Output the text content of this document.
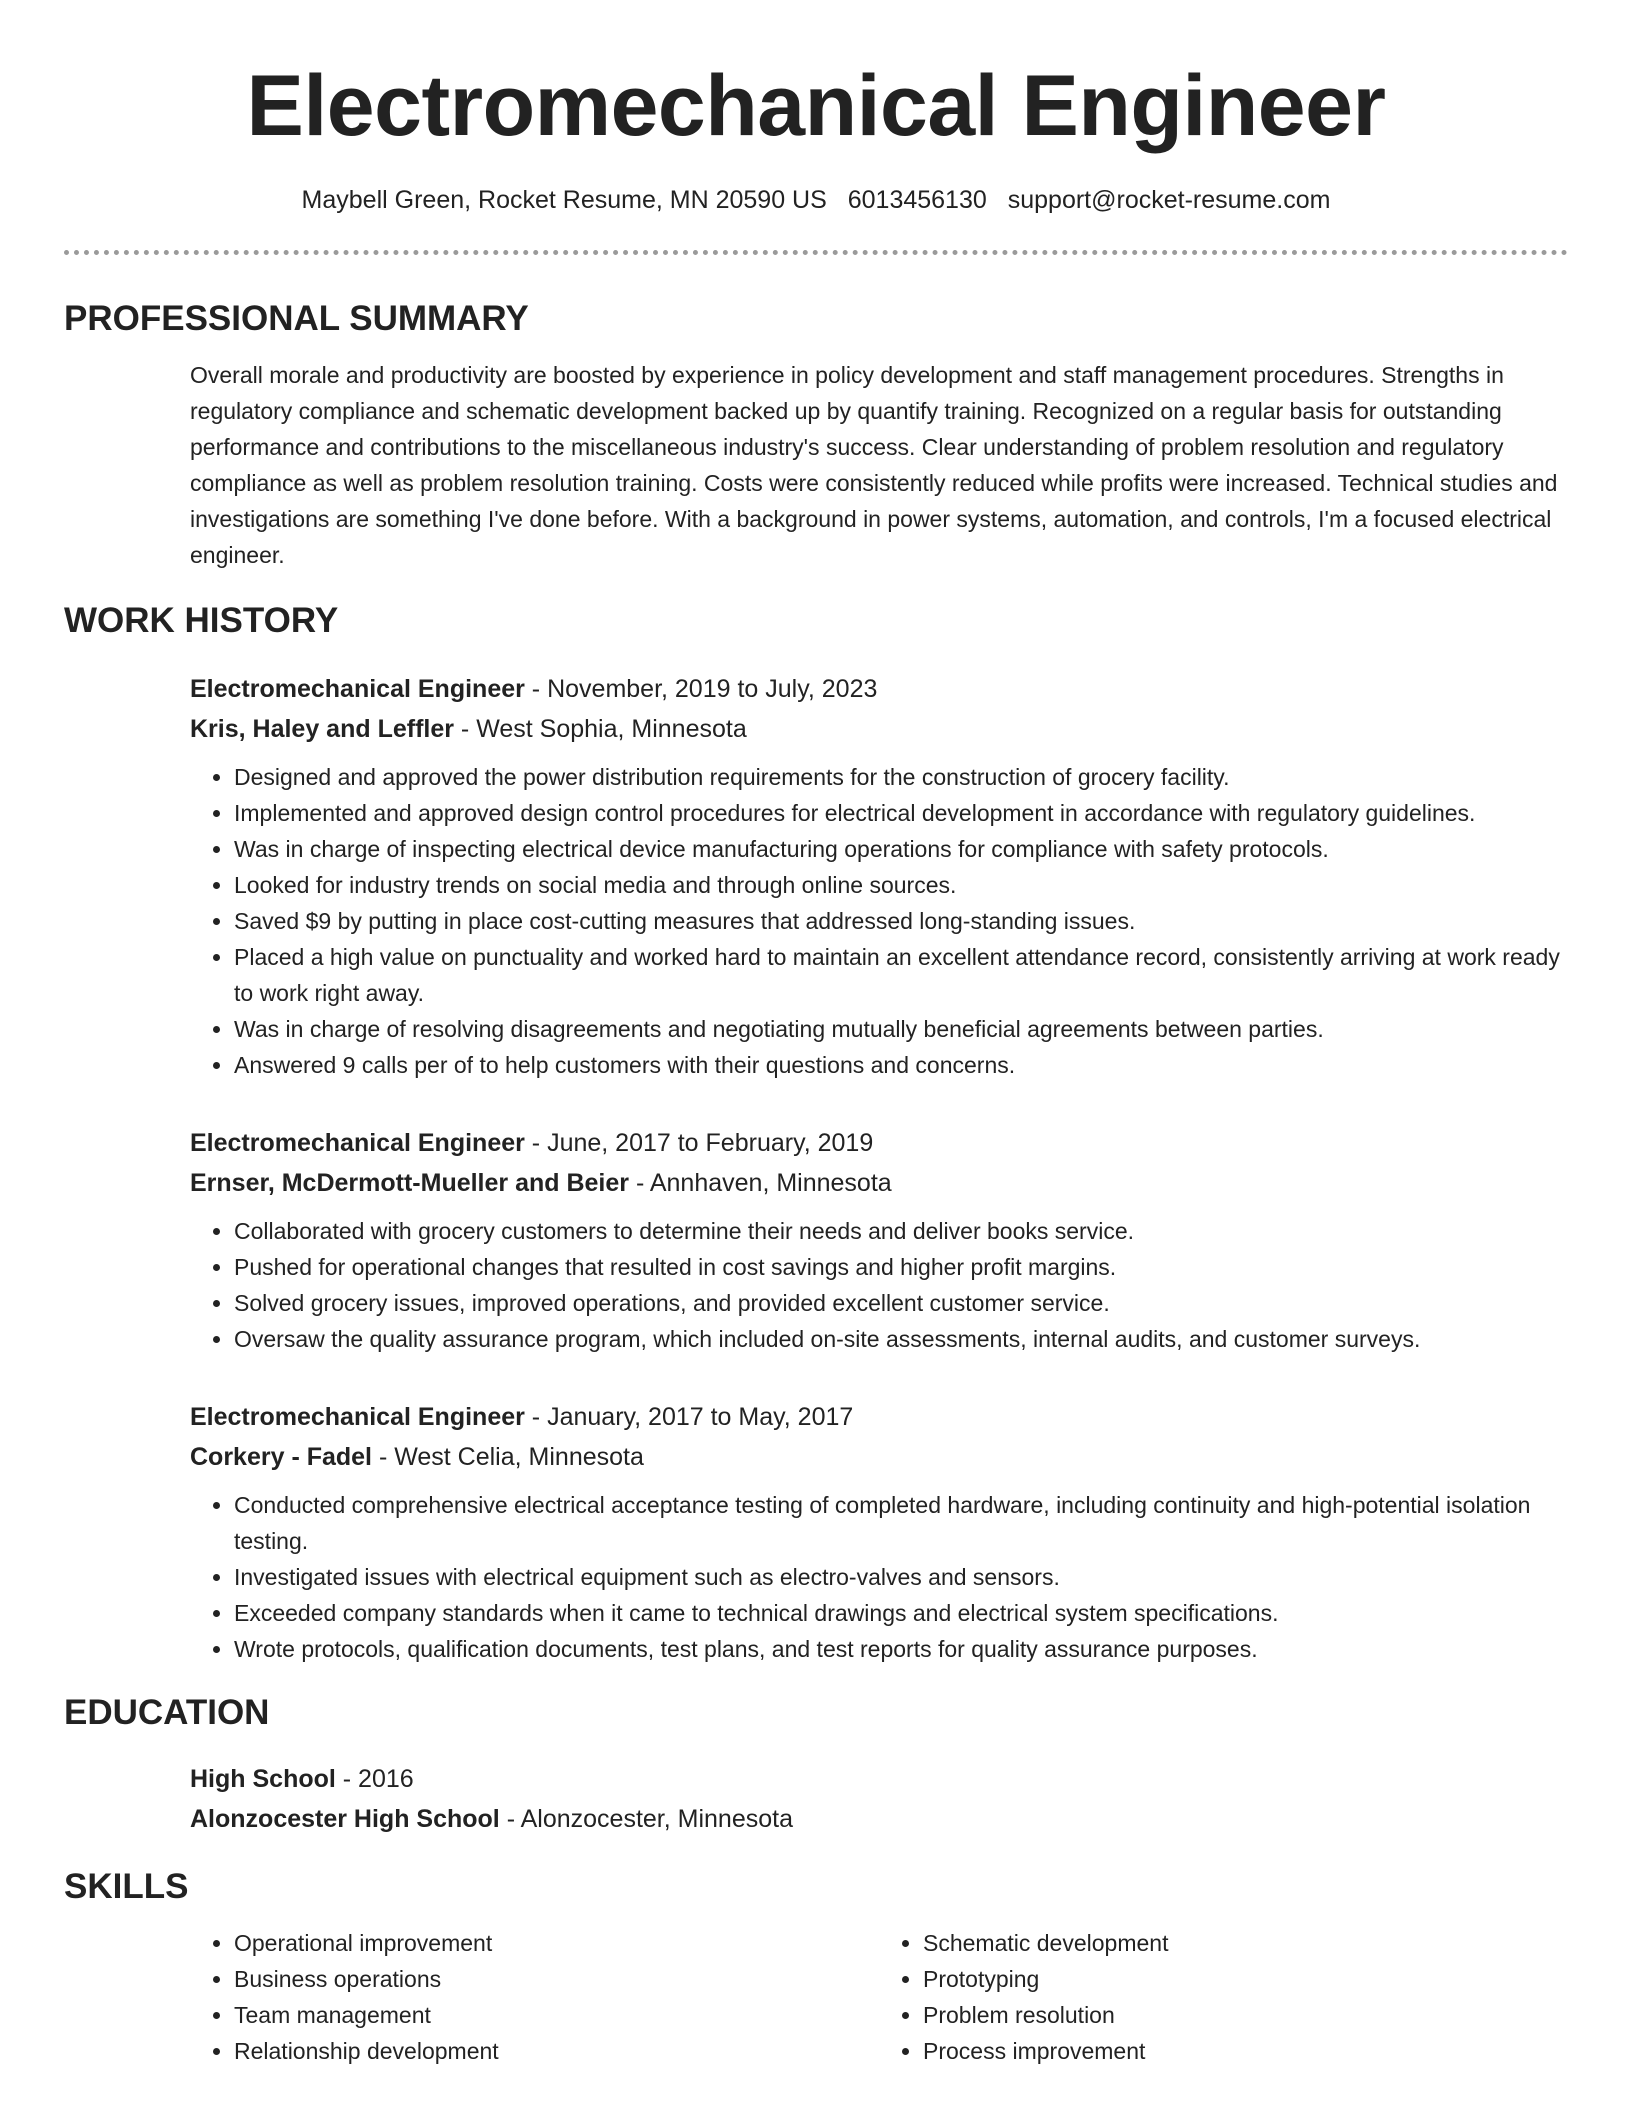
Electromechanical Engineer
Maybell Green, Rocket Resume, MN 20590 US 6013456130 support@rocket-resume.com
PROFESSIONAL SUMMARY

Overall morale and productivity are boosted by experience in policy development and staff management procedures. Strengths in regulatory compliance and schematic development backed up by quantify training. Recognized on a regular basis for outstanding performance and contributions to the miscellaneous industry's success. Clear understanding of problem resolution and regulatory compliance as well as problem resolution training. Costs were consistently reduced while profits were increased. Technical studies and investigations are something I've done before. With a background in power systems, automation, and controls, I'm a focused electrical engineer.

WORK HISTORY
Electromechanical Engineer - November, 2019 to July, 2023
Kris, Haley and Leffler - West Sophia, Minnesota
• Designed and approved the power distribution requirements for the construction of grocery facility.
• Implemented and approved design control procedures for electrical development in accordance with regulatory guidelines.
• Was in charge of inspecting electrical device manufacturing operations for compliance with safety protocols.
• Looked for industry trends on social media and through online sources.
• Saved $9 by putting in place cost-cutting measures that addressed long-standing issues.
• Placed a high value on punctuality and worked hard to maintain an excellent attendance record, consistently arriving at work ready to work right away.
• Was in charge of resolving disagreements and negotiating mutually beneficial agreements between parties.
• Answered 9 calls per of to help customers with their questions and concerns.
Electromechanical Engineer - June, 2017 to February, 2019
Ernser, McDermott-Mueller and Beier - Annhaven, Minnesota
• Collaborated with grocery customers to determine their needs and deliver books service.
• Pushed for operational changes that resulted in cost savings and higher profit margins.
• Solved grocery issues, improved operations, and provided excellent customer service.
• Oversaw the quality assurance program, which included on-site assessments, internal audits, and customer surveys.
Electromechanical Engineer - January, 2017 to May, 2017
Corkery - Fadel - West Celia, Minnesota
• Conducted comprehensive electrical acceptance testing of completed hardware, including continuity and high-potential isolation testing.
• Investigated issues with electrical equipment such as electro-valves and sensors.
• Exceeded company standards when it came to technical drawings and electrical system specifications.
• Wrote protocols, qualification documents, test plans, and test reports for quality assurance purposes.
EDUCATION
High School - 2016
Alonzocester High School - Alonzocester, Minnesota
SKILLS
• Operational improvement
• Business operations
• Team management
• Relationship development
• Schematic development
• Prototyping
• Problem resolution
• Process improvement
